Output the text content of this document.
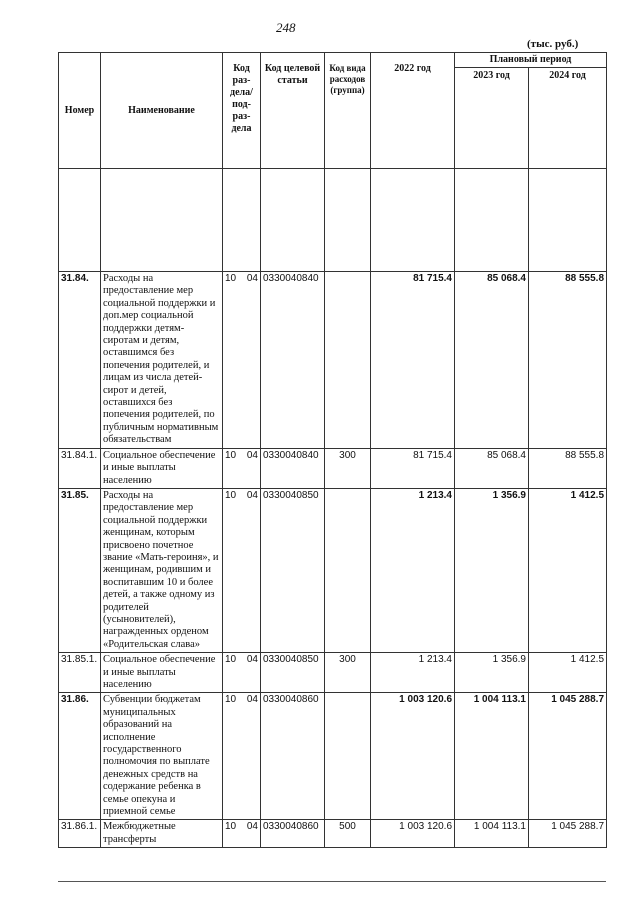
248
(тыс. руб.)
Номер	Наименование	Код раз-дела/ под-раз-дела	Код целевой статьи	Код вида расходов (группа)	2022 год	Плановый период	
						2023 год	2024 год

31.84.	Расходы на предоставление мер социальной поддержки и доп.мер социальной поддержки детям-сиротам и детям, оставшимся без попечения родителей, и лицам из числа детей-сирот и детей, оставшихся без попечения родителей, по публичным нормативным обязательствам	10 04	0330040840		81 715.4	85 068.4	88 555.8
31.84.1.	Социальное обеспечение и иные выплаты населению	10 04	0330040840	300	81 715.4	85 068.4	88 555.8
31.85.	Расходы на предоставление мер социальной поддержки женщинам, которым присвоено почетное звание «Мать-героиня», и женщинам, родившим и воспитавшим 10 и более детей, а также одному из родителей (усыновителей), награжденных орденом «Родительская слава»	10 04	0330040850		1 213.4	1 356.9	1 412.5
31.85.1.	Социальное обеспечение и иные выплаты населению	10 04	0330040850	300	1 213.4	1 356.9	1 412.5
31.86.	Субвенции бюджетам муниципальных образований на исполнение государственного полномочия по выплате денежных средств на содержание ребенка в семье опекуна и приемной семье	10 04	0330040860		1 003 120.6	1 004 113.1	1 045 288.7
31.86.1.	Межбюджетные трансферты	10 04	0330040860	500	1 003 120.6	1 004 113.1	1 045 288.7
